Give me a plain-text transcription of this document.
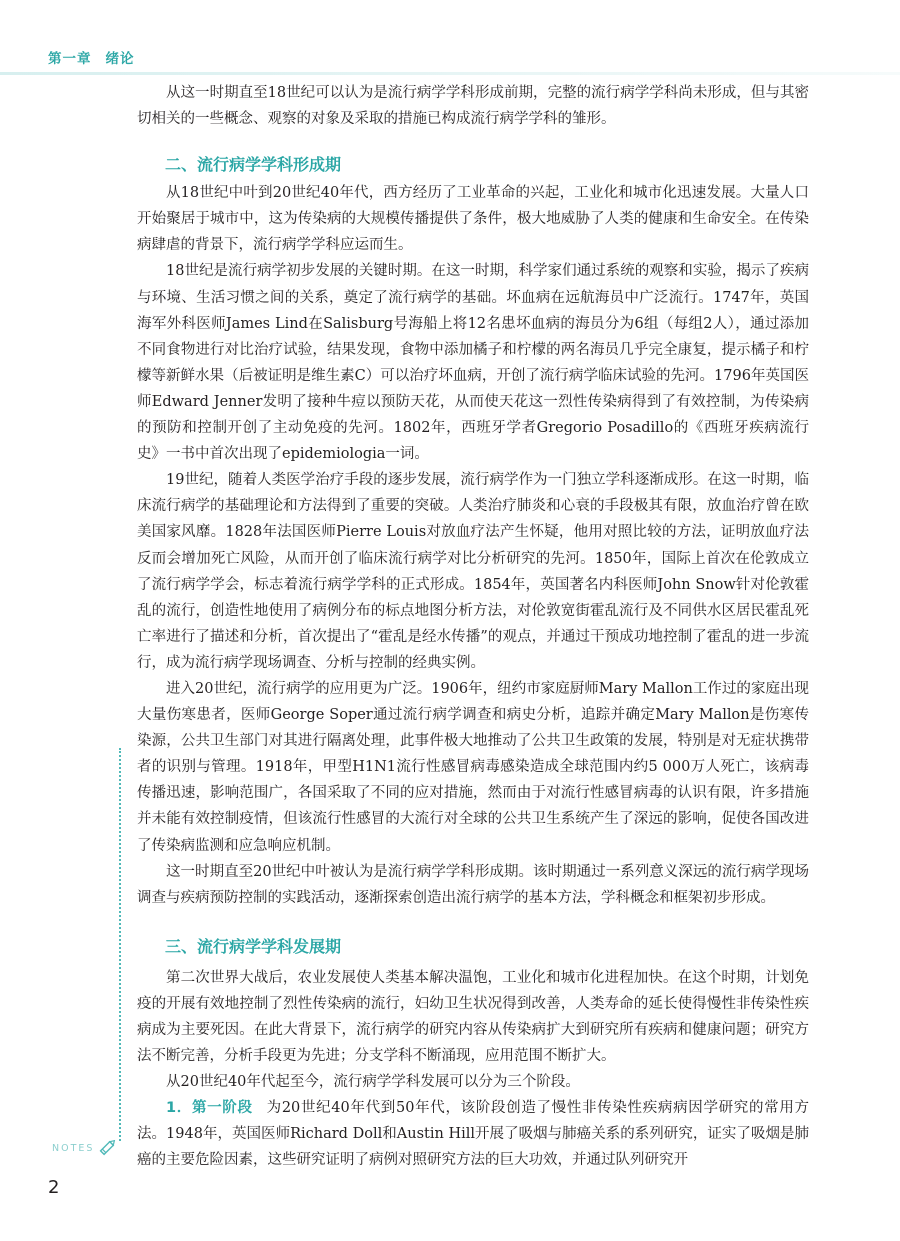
第一章 绪论

从这一时期直至18世纪可以认为是流行病学学科形成前期，完整的流行病学学科尚未形成，但与其密切相关的一些概念、观察的对象及采取的措施已构成流行病学学科的雏形。

二、流行病学学科形成期

从18世纪中叶到20世纪40年代，西方经历了工业革命的兴起，工业化和城市化迅速发展。大量人口开始聚居于城市中，这为传染病的大规模传播提供了条件，极大地威胁了人类的健康和生命安全。在传染病肆虐的背景下，流行病学学科应运而生。

18世纪是流行病学初步发展的关键时期。在这一时期，科学家们通过系统的观察和实验，揭示了疾病与环境、生活习惯之间的关系，奠定了流行病学的基础。坏血病在远航海员中广泛流行。1747年，英国海军外科医师James Lind在Salisburg号海船上将12名患坏血病的海员分为6组（每组2人），通过添加不同食物进行对比治疗试验，结果发现，食物中添加橘子和柠檬的两名海员几乎完全康复，提示橘子和柠檬等新鲜水果（后被证明是维生素C）可以治疗坏血病，开创了流行病学临床试验的先河。1796年英国医师Edward Jenner发明了接种牛痘以预防天花，从而使天花这一烈性传染病得到了有效控制，为传染病的预防和控制开创了主动免疫的先河。1802年，西班牙学者Gregorio Posadillo的《西班牙疾病流行史》一书中首次出现了epidemiologia一词。

19世纪，随着人类医学治疗手段的逐步发展，流行病学作为一门独立学科逐渐成形。在这一时期，临床流行病学的基础理论和方法得到了重要的突破。人类治疗肺炎和心衰的手段极其有限，放血治疗曾在欧美国家风靡。1828年法国医师Pierre Louis对放血疗法产生怀疑，他用对照比较的方法，证明放血疗法反而会增加死亡风险，从而开创了临床流行病学对比分析研究的先河。1850年，国际上首次在伦敦成立了流行病学学会，标志着流行病学学科的正式形成。1854年，英国著名内科医师John Snow针对伦敦霍乱的流行，创造性地使用了病例分布的标点地图分析方法，对伦敦宽街霍乱流行及不同供水区居民霍乱死亡率进行了描述和分析，首次提出了“霍乱是经水传播”的观点，并通过干预成功地控制了霍乱的进一步流行，成为流行病学现场调查、分析与控制的经典实例。

进入20世纪，流行病学的应用更为广泛。1906年，纽约市家庭厨师Mary Mallon工作过的家庭出现大量伤寒患者，医师George Soper通过流行病学调查和病史分析，追踪并确定Mary Mallon是伤寒传染源，公共卫生部门对其进行隔离处理，此事件极大地推动了公共卫生政策的发展，特别是对无症状携带者的识别与管理。1918年，甲型H1N1流行性感冒病毒感染造成全球范围内约5 000万人死亡，该病毒传播迅速，影响范围广，各国采取了不同的应对措施，然而由于对流行性感冒病毒的认识有限，许多措施并未能有效控制疫情，但该流行性感冒的大流行对全球的公共卫生系统产生了深远的影响，促使各国改进了传染病监测和应急响应机制。

这一时期直至20世纪中叶被认为是流行病学学科形成期。该时期通过一系列意义深远的流行病学现场调查与疾病预防控制的实践活动，逐渐探索创造出流行病学的基本方法，学科概念和框架初步形成。

三、流行病学学科发展期

第二次世界大战后，农业发展使人类基本解决温饱，工业化和城市化进程加快。在这个时期，计划免疫的开展有效地控制了烈性传染病的流行，妇幼卫生状况得到改善，人类寿命的延长使得慢性非传染性疾病成为主要死因。在此大背景下，流行病学的研究内容从传染病扩大到研究所有疾病和健康问题；研究方法不断完善，分析手段更为先进；分支学科不断涌现，应用范围不断扩大。

从20世纪40年代起至今，流行病学学科发展可以分为三个阶段。

1．第一阶段 为20世纪40年代到50年代，该阶段创造了慢性非传染性疾病病因学研究的常用方法。1948年，英国医师Richard Doll和Austin Hill开展了吸烟与肺癌关系的系列研究，证实了吸烟是肺癌的主要危险因素，这些研究证明了病例对照研究方法的巨大功效，并通过队列研究开

NOTES
2
